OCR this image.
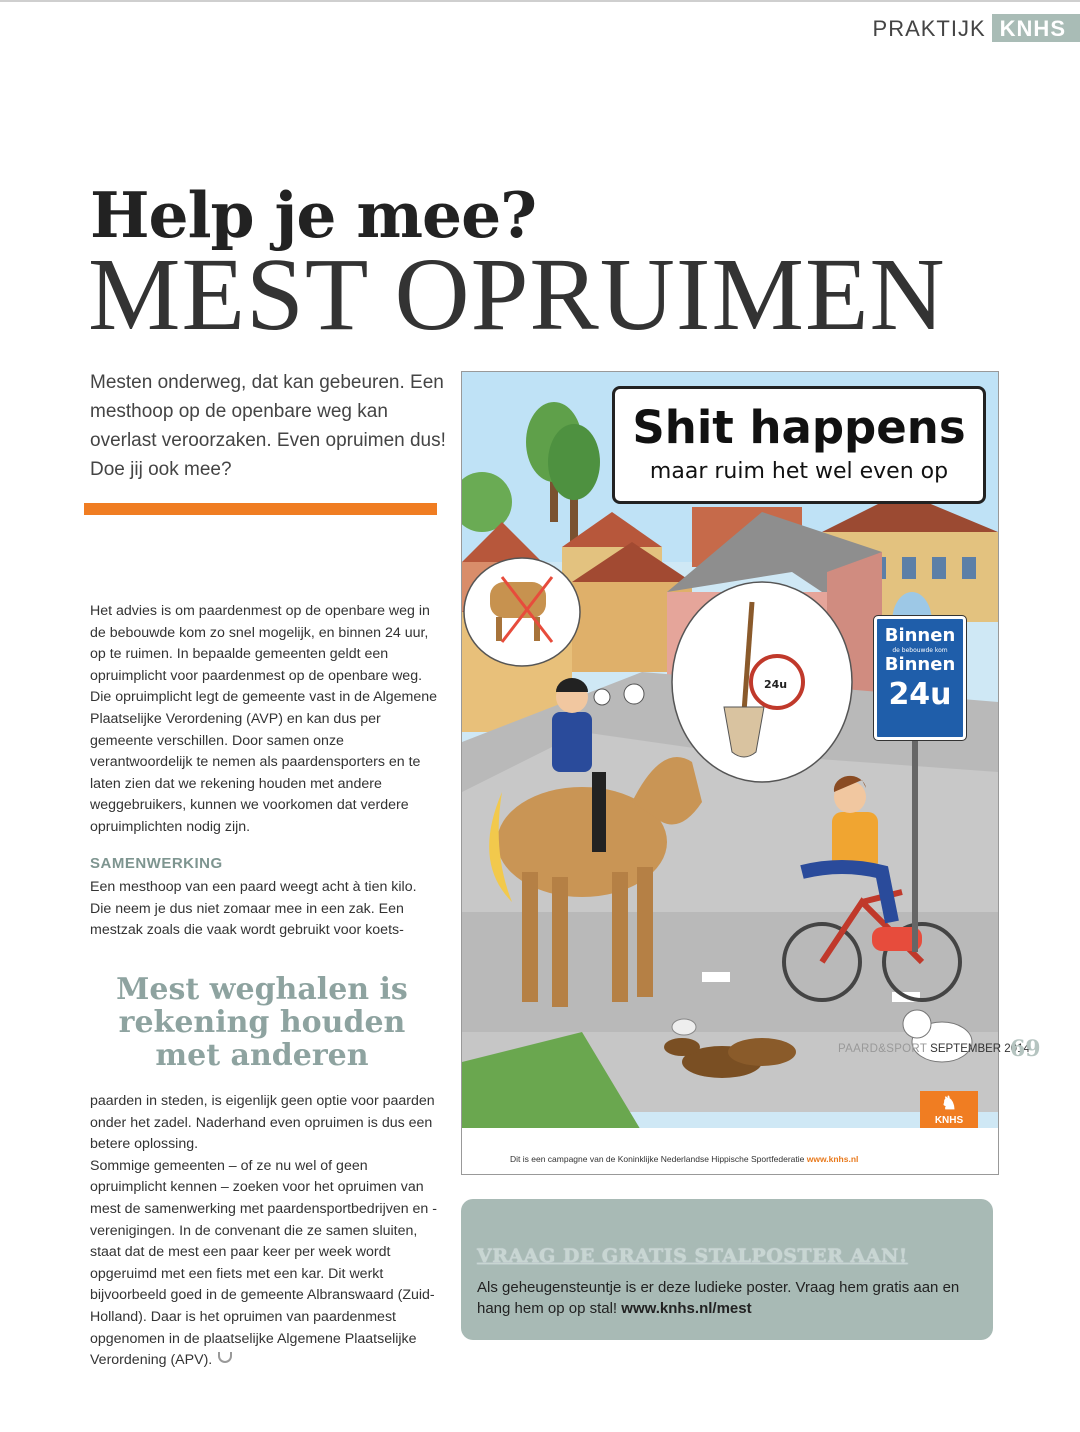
PRAKTIJK KNHS
Help je mee?
MEST OPRUIMEN
Mesten onderweg, dat kan gebeuren. Een mesthoop op de openbare weg kan overlast veroorzaken. Even opruimen dus! Doe jij ook mee?

Het advies is om paardenmest op de openbare weg in de bebouwde kom zo snel mogelijk, en binnen 24 uur, op te ruimen. In bepaalde gemeenten geldt een opruimplicht voor paardenmest op de openbare weg. Die opruimplicht legt de gemeente vast in de Algemene Plaatselijke Verordening (AVP) en kan dus per gemeente verschillen. Door samen onze verantwoordelijk te nemen als paardensporters en te laten zien dat we rekening houden met andere weggebruikers, kunnen we voorkomen dat verdere opruimplichten nodig zijn.

SAMENWERKING

Een mesthoop van een paard weegt acht à tien kilo. Die neem je dus niet zomaar mee in een zak. Een mestzak zoals die vaak wordt gebruikt voor koets-

Mest weghalen is rekening houden met anderen

paarden in steden, is eigenlijk geen optie voor paarden onder het zadel. Naderhand even opruimen is dus een betere oplossing.

Sommige gemeenten – of ze nu wel of geen opruimplicht kennen – zoeken voor het opruimen van mest de samenwerking met paardensportbedrijven en -verenigingen. In de convenant die ze samen sluiten, staat dat de mest een paar keer per week wordt opgeruimd met een fiets met een kar. Dit werkt bijvoorbeeld goed in de gemeente Albranswaard (Zuid-Holland). Daar is het opruimen van paardenmest opgenomen in de plaatselijke Algemene Plaatselijke Verordening (APV).

24u
Shit happens
maar ruim het wel even op
Binnen
de bebouwde kom
Binnen
24u
♞
KNHS
Dit is een campagne van de Koninklijke Nederlandse Hippische Sportfederatie www.knhs.nl
VRAAG DE GRATIS STALPOSTER AAN!
Als geheugensteuntje is er deze ludieke poster. Vraag hem gratis aan en hang hem op op stal! www.knhs.nl/mest
PAARD&SPORT SEPTEMBER 2014
69
